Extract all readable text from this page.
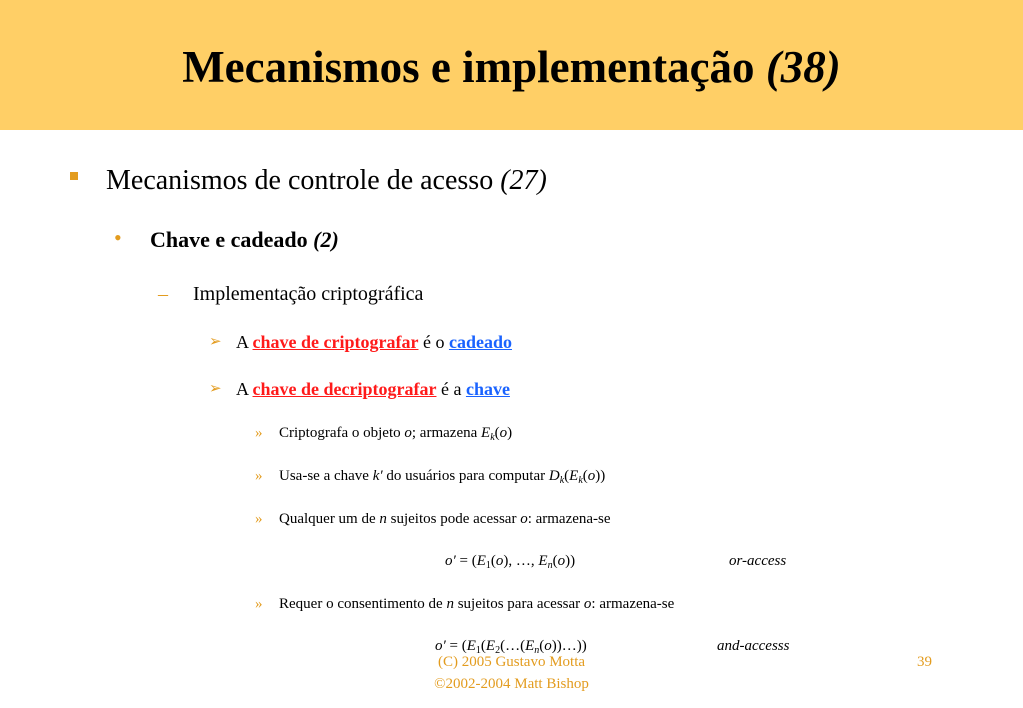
Mecanismos e implementação (38)
Mecanismos de controle de acesso (27)
• Chave e cadeado (2)
– Implementação criptográfica
➢ A chave de criptografar é o cadeado
➢ A chave de decriptografar é a chave
» Criptografa o objeto o; armazena $E_k(o)$
» Usa-se a chave k′ do usuários para computar $D_k(E_k(o))$
» Qualquer um de n sujeitos pode acessar o: armazena-se
$o' = (E_1(o)$, …, $E_n(o)$)	or-access
» Requer o consentimento de n sujeitos para acessar o: armazena-se
$o' = (E_1(E_2(\dots(E_n(o))\dots))$	and-accesss
(C) 2005 Gustavo Motta
©2002-2004 Matt Bishop
39
